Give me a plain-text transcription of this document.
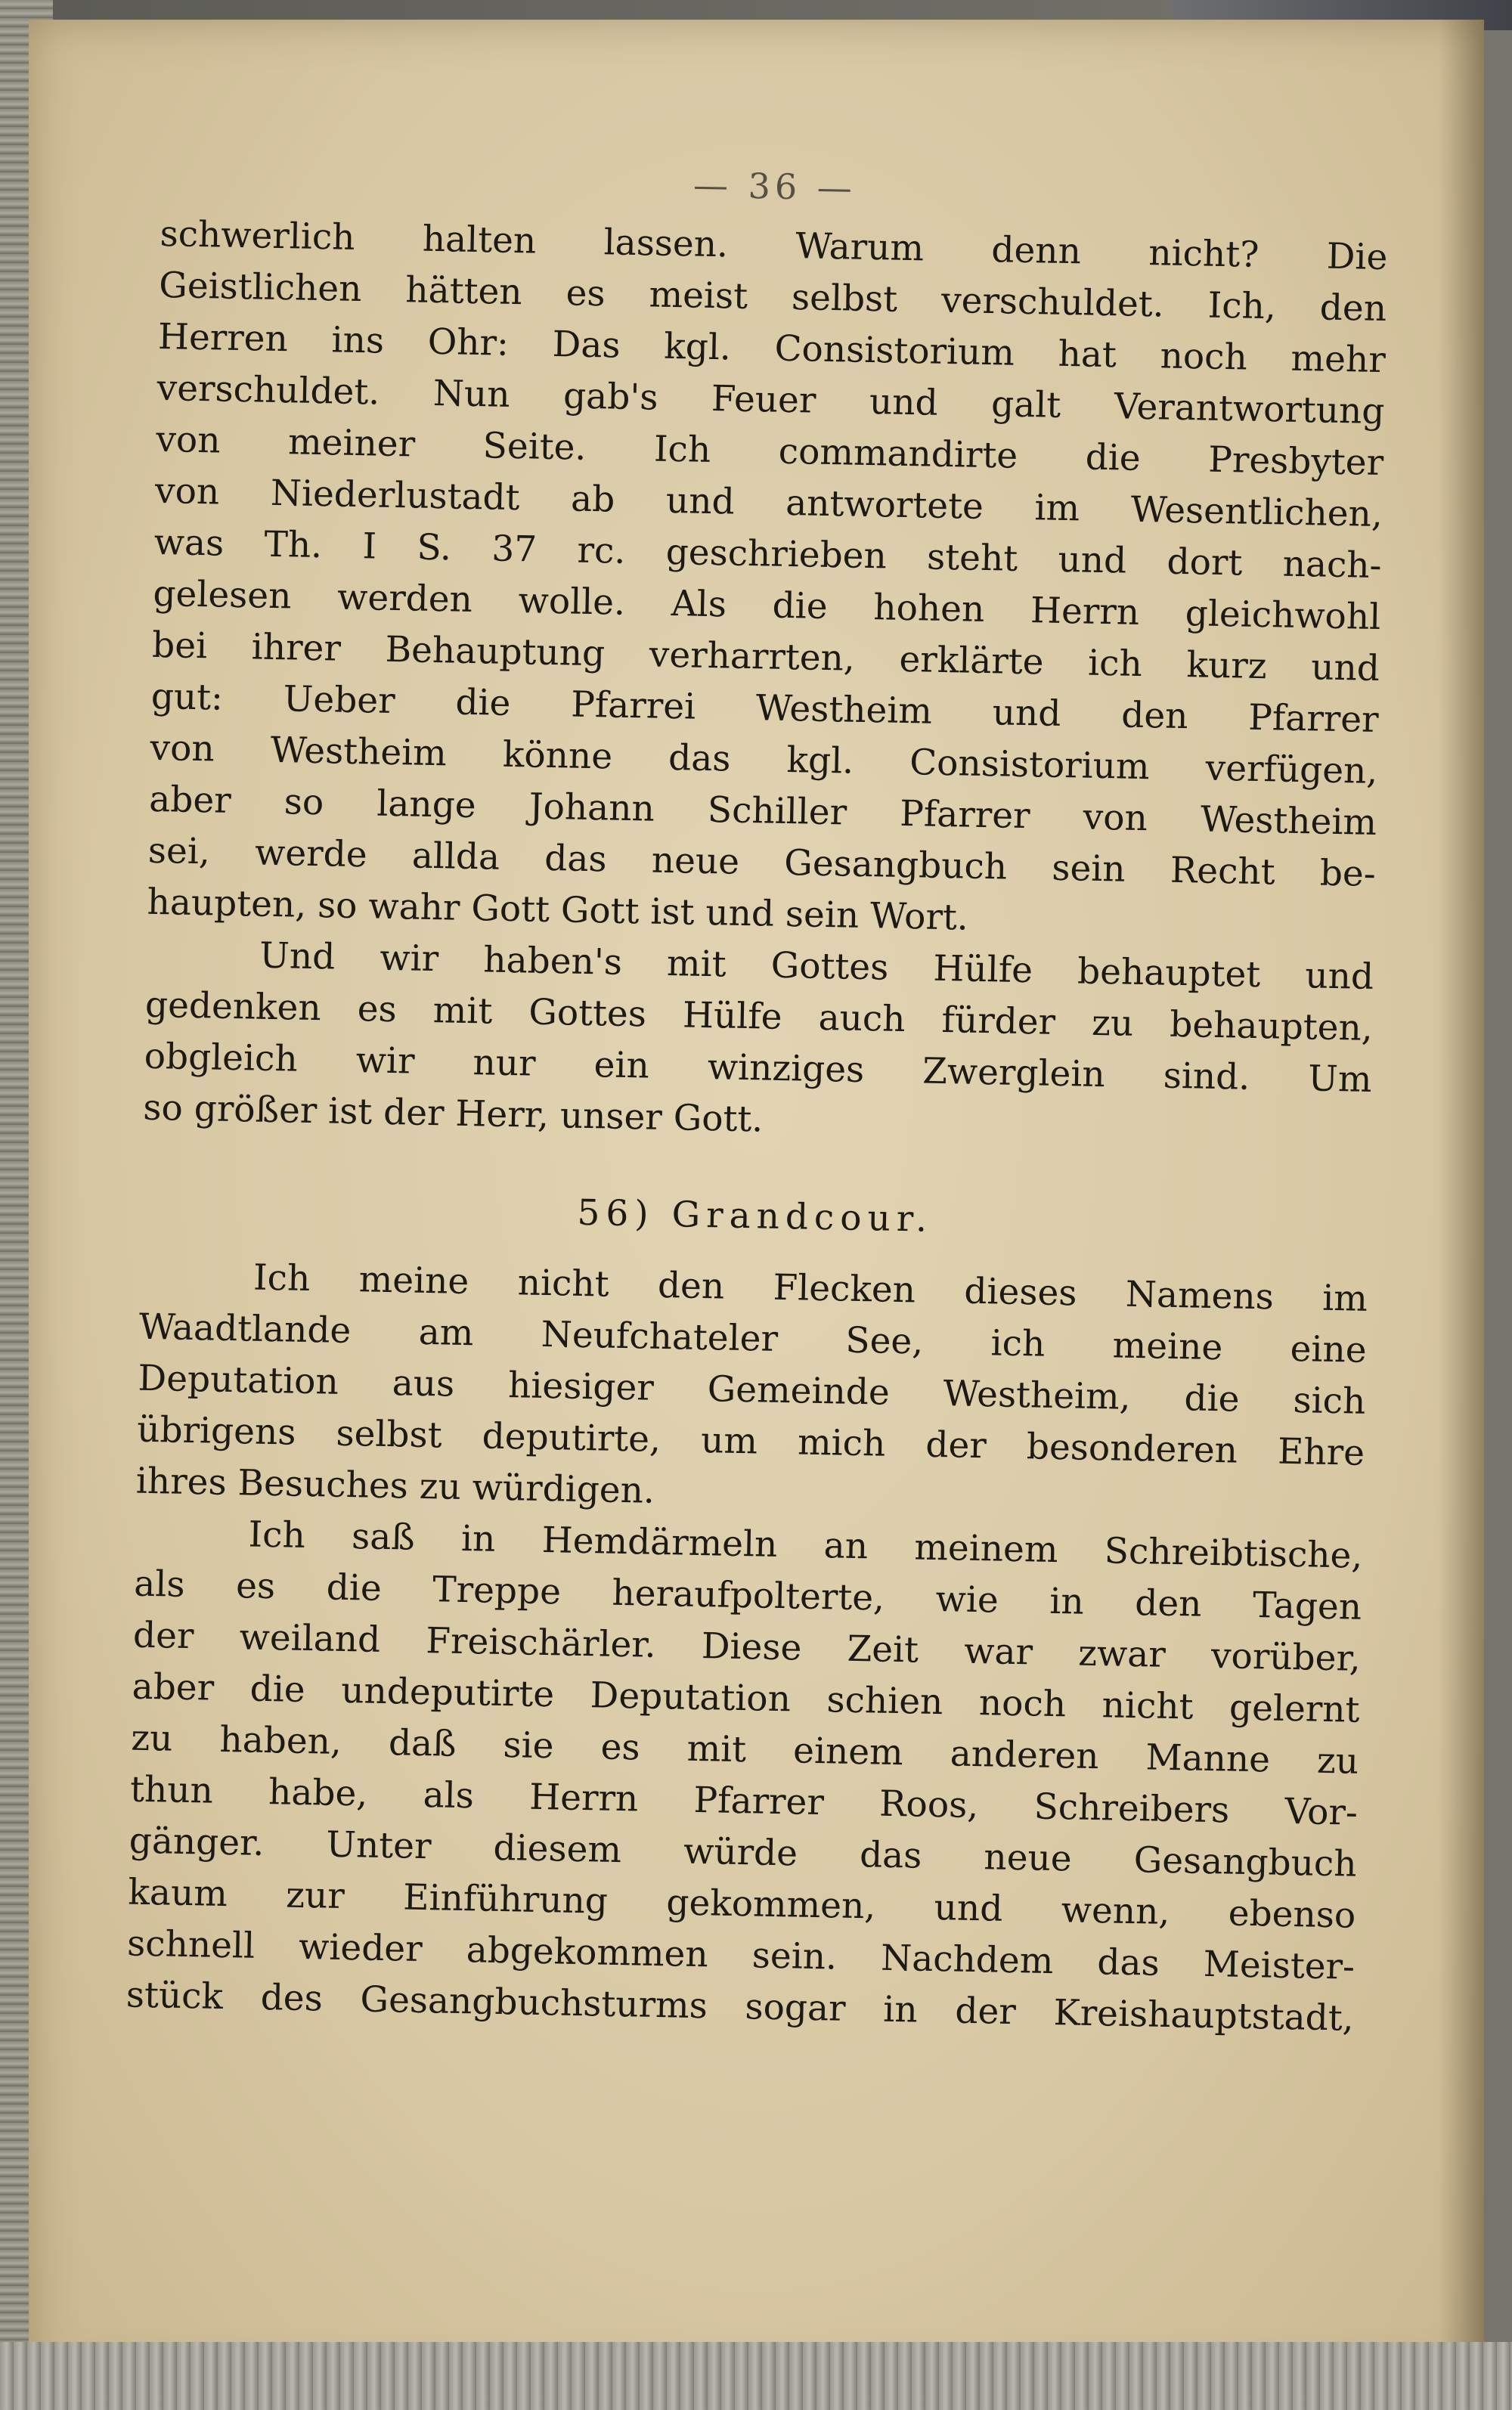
— 36 —
schwerlich halten lassen. Warum denn nicht? Die
Geistlichen hätten es meist selbst verschuldet. Ich, den
Herren ins Ohr: Das kgl. Consistorium hat noch mehr
verschuldet. Nun gab's Feuer und galt Verantwortung
von meiner Seite. Ich commandirte die Presbyter
von Niederlustadt ab und antwortete im Wesentlichen,
was Th. I S. 37 rc. geschrieben steht und dort nach-
gelesen werden wolle. Als die hohen Herrn gleichwohl
bei ihrer Behauptung verharrten, erklärte ich kurz und
gut: Ueber die Pfarrei Westheim und den Pfarrer
von Westheim könne das kgl. Consistorium verfügen,
aber so lange Johann Schiller Pfarrer von Westheim
sei, werde allda das neue Gesangbuch sein Recht be-
haupten, so wahr Gott Gott ist und sein Wort.
Und wir haben's mit Gottes Hülfe behauptet und
gedenken es mit Gottes Hülfe auch fürder zu behaupten,
obgleich wir nur ein winziges Zwerglein sind. Um
so größer ist der Herr, unser Gott.
56) Grandcour.
Ich meine nicht den Flecken dieses Namens im
Waadtlande am Neufchateler See, ich meine eine
Deputation aus hiesiger Gemeinde Westheim, die sich
übrigens selbst deputirte, um mich der besonderen Ehre
ihres Besuches zu würdigen.
Ich saß in Hemdärmeln an meinem Schreibtische,
als es die Treppe heraufpolterte, wie in den Tagen
der weiland Freischärler. Diese Zeit war zwar vorüber,
aber die undeputirte Deputation schien noch nicht gelernt
zu haben, daß sie es mit einem anderen Manne zu
thun habe, als Herrn Pfarrer Roos, Schreibers Vor-
gänger. Unter diesem würde das neue Gesangbuch
kaum zur Einführung gekommen, und wenn, ebenso
schnell wieder abgekommen sein. Nachdem das Meister-
stück des Gesangbuchsturms sogar in der Kreishauptstadt,
